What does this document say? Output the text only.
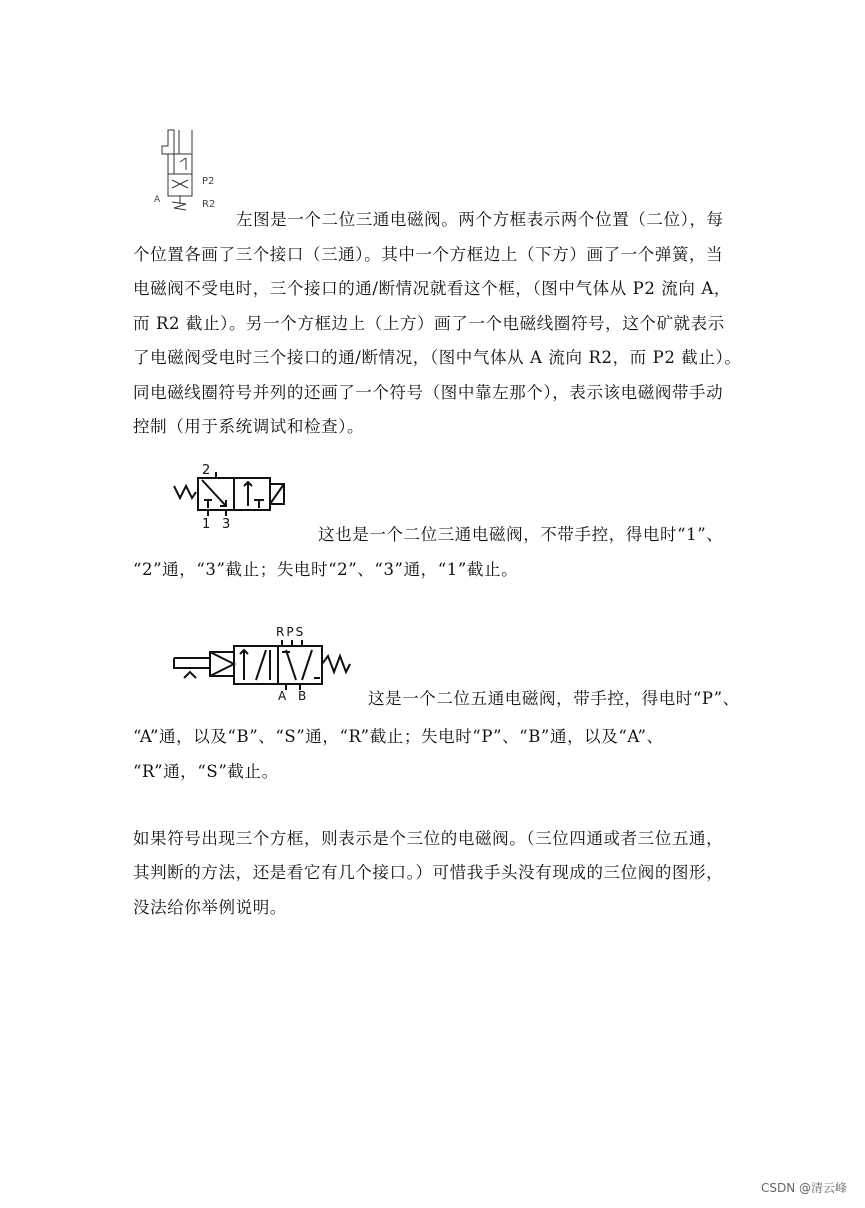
P2
R2
A
左图是一个二位三通电磁阀。两个方框表示两个位置（二位），每
个位置各画了三个接口（三通）。其中一个方框边上（下方）画了一个弹簧，当
电磁阀不受电时，三个接口的通/断情况就看这个框，（图中气体从 P2 流向 A，
而 R2 截止）。另一个方框边上（上方）画了一个电磁线圈符号，这个矿就表示
了电磁阀受电时三个接口的通/断情况，（图中气体从 A 流向 R2，而 P2 截止）。
同电磁线圈符号并列的还画了一个符号（图中靠左那个），表示该电磁阀带手动
控制（用于系统调试和检查）。
2
1 3
这也是一个二位三通电磁阀，不带手控，得电时“1”、
“2”通，“3”截止；失电时“2”、“3”通，“1”截止。
RPS
A B	这是一个二位五通电磁阀，带手控，得电时“P”、
“A”通，以及“B”、“S”通，“R”截止；失电时“P”、“B”通，以及“A”、
“R”通，“S”截止。
如果符号出现三个方框，则表示是个三位的电磁阀。（三位四通或者三位五通，
其判断的方法，还是看它有几个接口。）可惜我手头没有现成的三位阀的图形，
没法给你举例说明。
CSDN @清云峰
